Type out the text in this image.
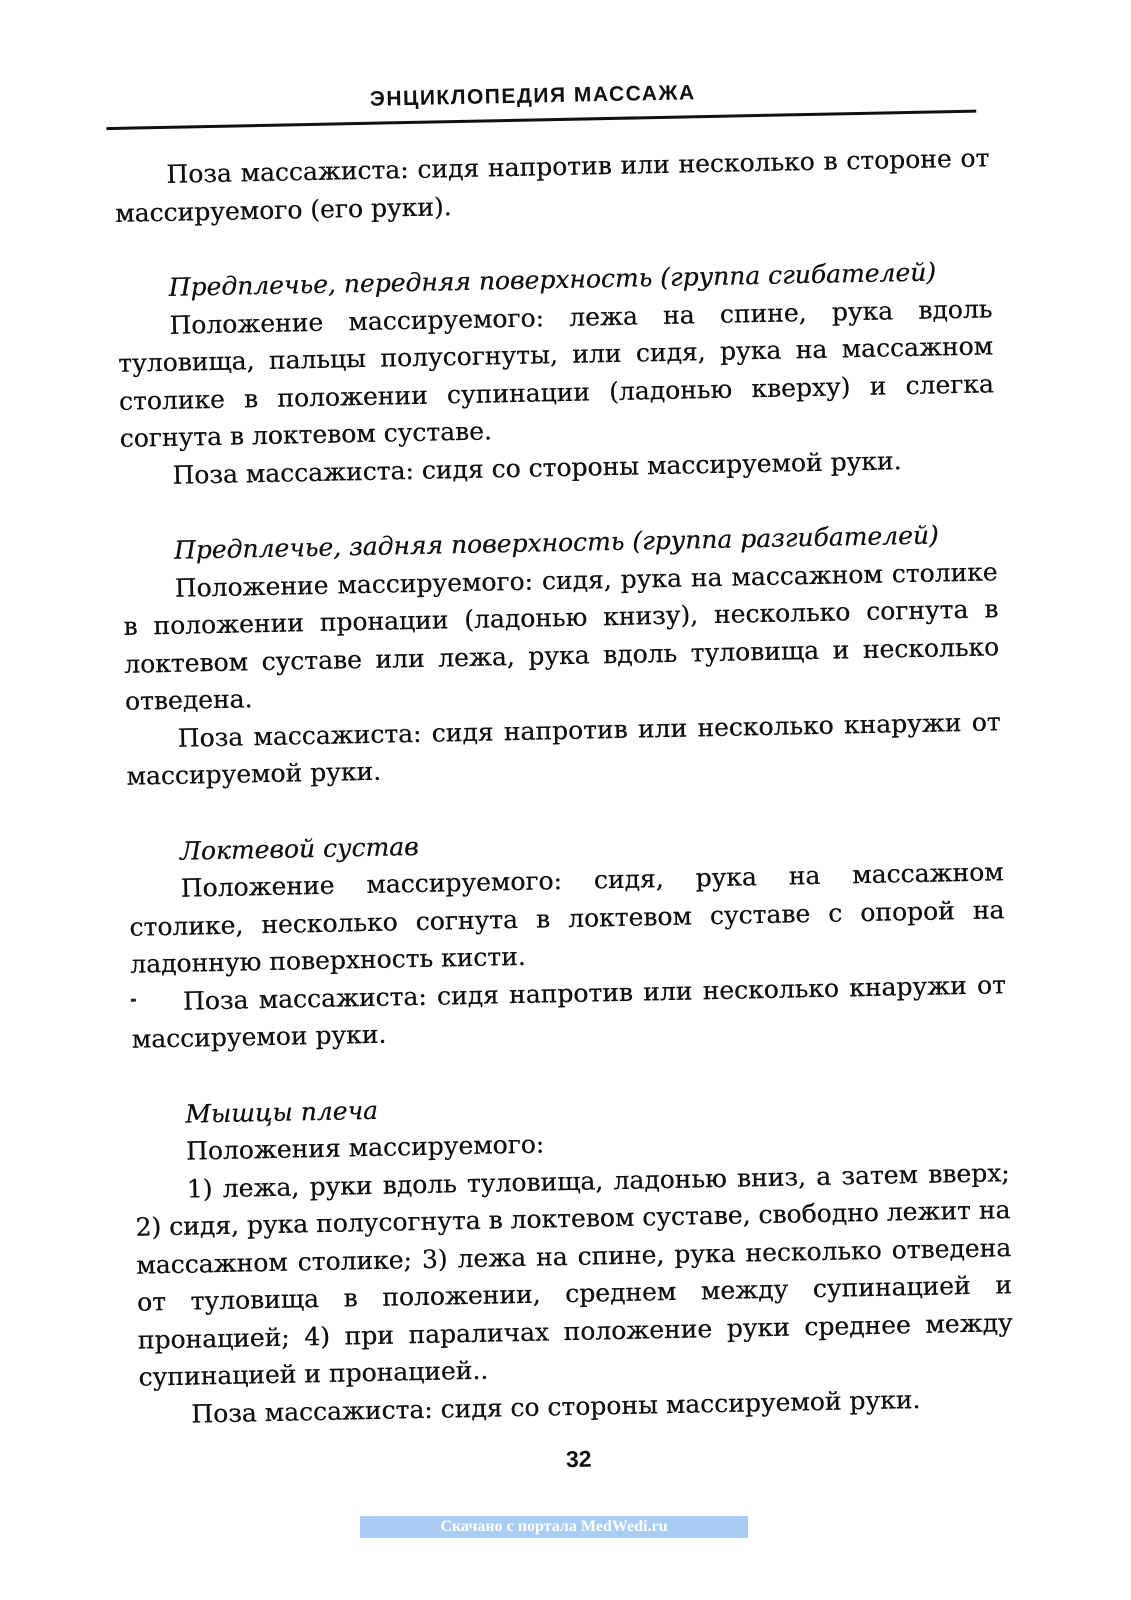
ЭНЦИКЛОПЕДИЯ МАССАЖА

Поза массажиста: сидя напротив или несколько в стороне от массируемого (его руки).

Предплечье, передняя поверхность (группа сгибателей)

Положение массируемого: лежа на спине, рука вдоль туловища, пальцы полусогнуты, или сидя, рука на массажном столике в положении супинации (ладонью кверху) и слегка согнута в локтевом суставе.

Поза массажиста: сидя со стороны массируемой руки.

Предплечье, задняя поверхность (группа разгибателей)

Положение массируемого: сидя, рука на массажном столике в положении пронации (ладонью книзу), несколько согнута в локтевом суставе или лежа, рука вдоль туловища и несколько отведена.

Поза массажиста: сидя напротив или несколько кнаружи от массируемой руки.

Локтевой сустав

Положение массируемого: сидя, рука на массажном столике, несколько согнута в локтевом суставе с опорой на ладонную поверхность кисти.

Поза массажиста: сидя напротив или несколько кнаружи от массируемои руки.

Мышцы плеча

Положения массируемого:

1) лежа, руки вдоль туловища, ладонью вниз, а затем вверх; 2) сидя, рука полусогнута в локтевом суставе, свободно лежит на массажном столике; 3) лежа на спине, рука несколько отведена от туловища в положении, среднем между супинацией и пронацией; 4) при параличах положение руки среднее между супинацией и пронацией..

Поза массажиста: сидя со стороны массируемой руки.

32
Скачано с портала MedWedi.ru
